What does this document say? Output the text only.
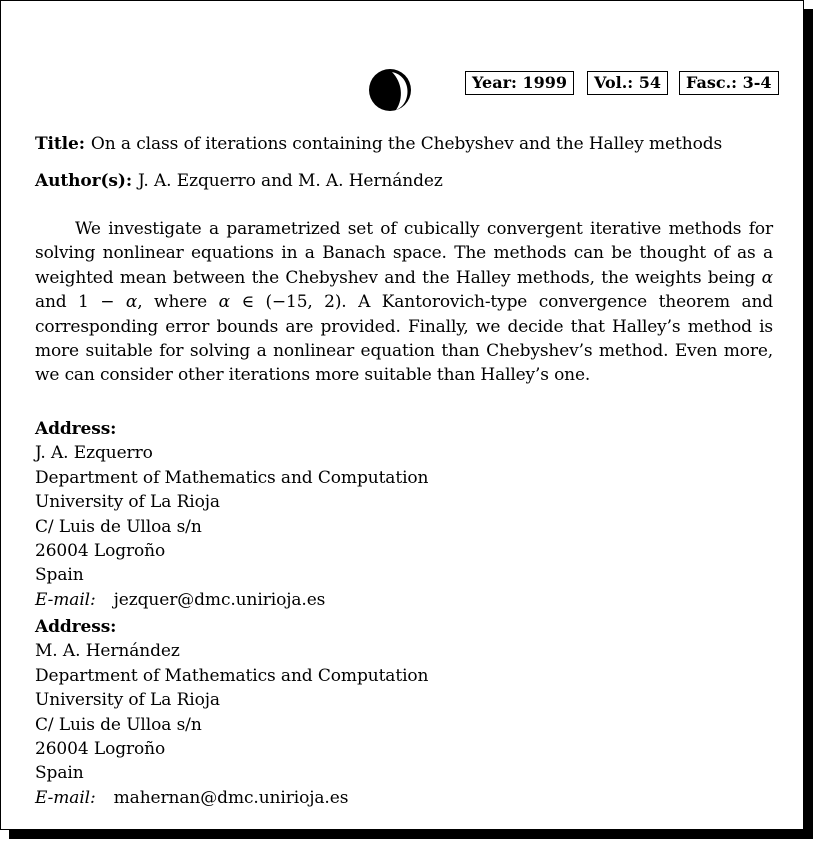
Year: 1999	Vol.: 54	Fasc.: 3-4
Title: On a class of iterations containing the Chebyshev and the Halley methods
Author(s): J. A. Ezquerro and M. A. Hernández

We investigate a parametrized set of cubically convergent iterative methods for solving nonlinear equations in a Banach space. The methods can be thought of as a weighted mean between the Chebyshev and the Halley methods, the weights being α and 1 − α, where α ∈ (−15, 2). A Kantorovich-type convergence theorem and corresponding error bounds are provided. Finally, we decide that Halley’s method is more suitable for solving a nonlinear equation than Chebyshev’s method. Even more, we can consider other iterations more suitable than Halley’s one.

Address:
J. A. Ezquerro
Department of Mathematics and Computation
University of La Rioja
C/ Luis de Ulloa s/n
26004 Logroño
Spain
E-mail: jezquer@dmc.unirioja.es
Address:
M. A. Hernández
Department of Mathematics and Computation
University of La Rioja
C/ Luis de Ulloa s/n
26004 Logroño
Spain
E-mail: mahernan@dmc.unirioja.es
